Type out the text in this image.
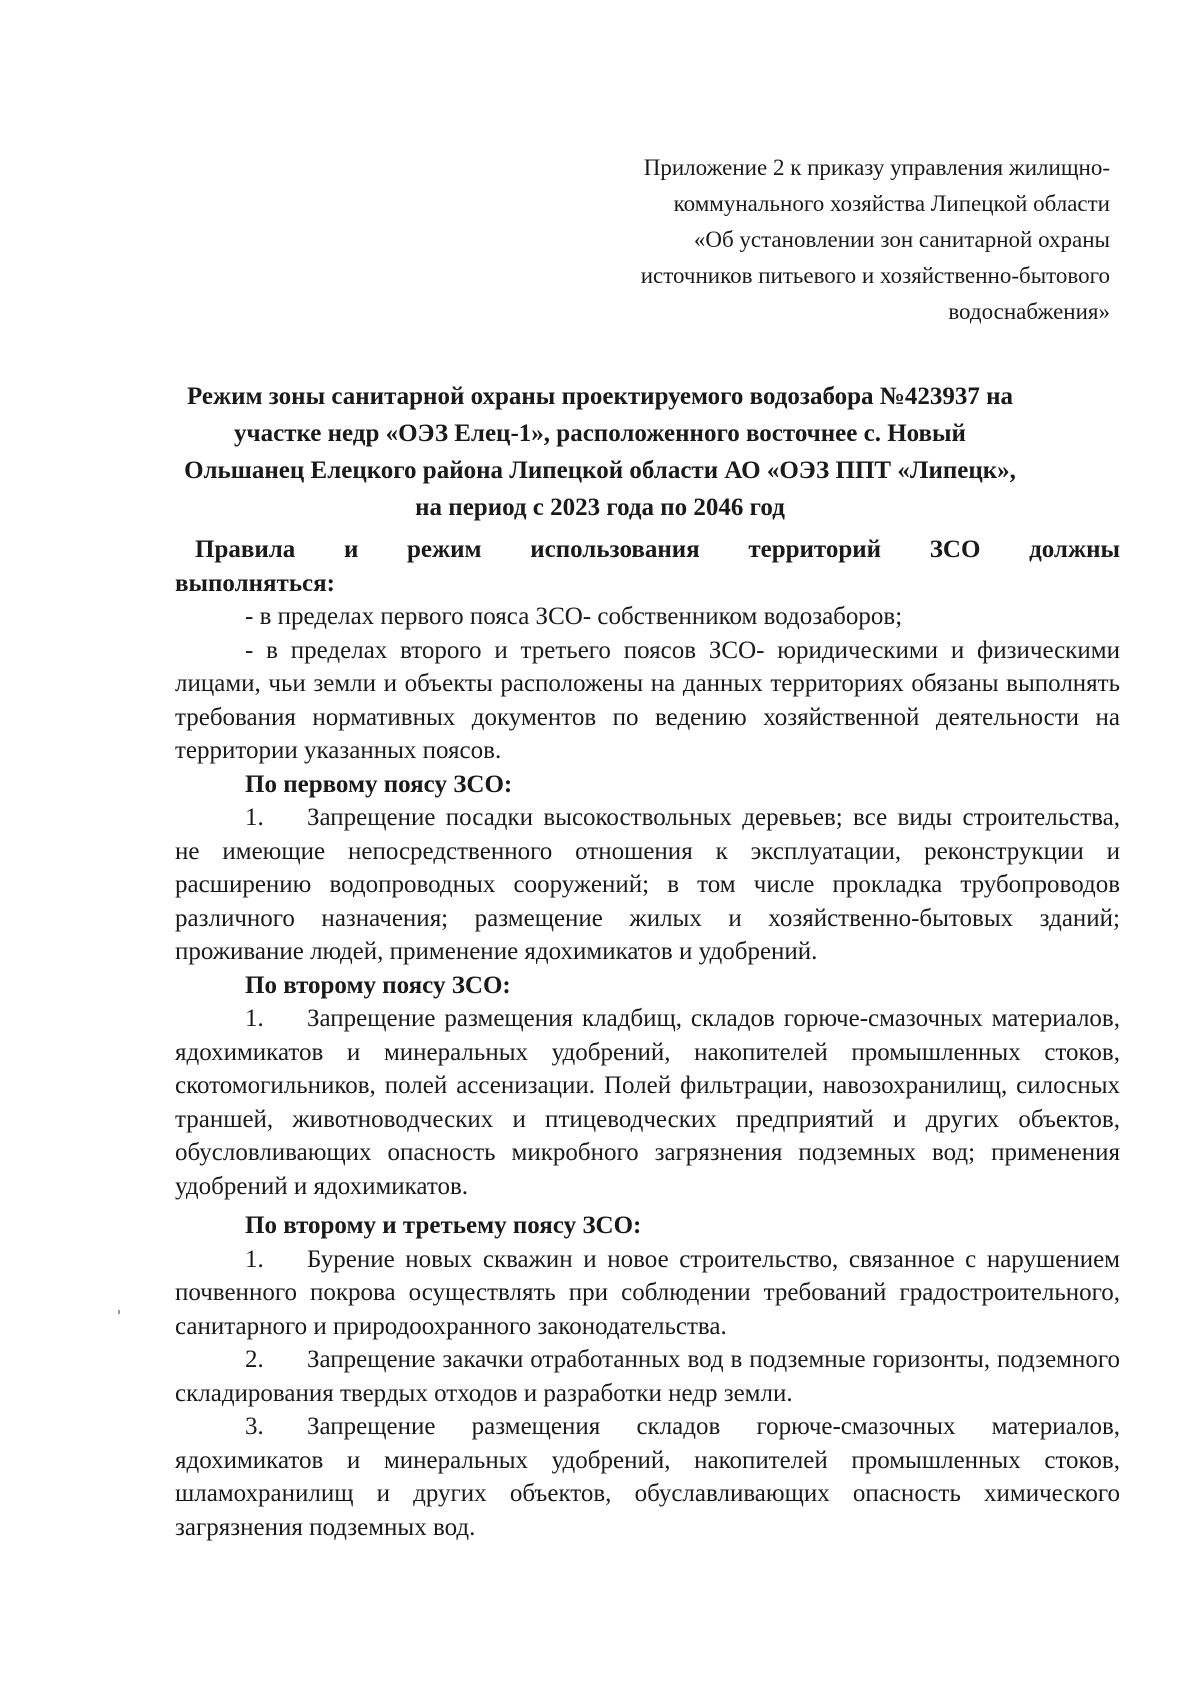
Приложение 2 к приказу управления жилищно-
коммунального хозяйства Липецкой области
«Об установлении зон санитарной охраны
источников питьевого и хозяйственно-бытового
водоснабжения»
Режим зоны санитарной охраны проектируемого водозабора №423937 на
участке недр «ОЭЗ Елец-1», расположенного восточнее с. Новый
Ольшанец Елецкого района Липецкой области АО «ОЭЗ ППТ «Липецк»,
на период с 2023 года по 2046 год

Правила и режим использования территорий ЗСО должны
выполняться:

- в пределах первого пояса ЗСО- собственником водозаборов;

- в пределах второго и третьего поясов ЗСО- юридическими и физическими лицами, чьи земли и объекты расположены на данных территориях обязаны выполнять требования нормативных документов по ведению хозяйственной деятельности на территории указанных поясов.

По первому поясу ЗСО:

1. Запрещение посадки высокоствольных деревьев; все виды строительства, не имеющие непосредственного отношения к эксплуатации, реконструкции и расширению водопроводных сооружений; в том числе прокладка трубопроводов различного назначения; размещение жилых и хозяйственно-бытовых зданий; проживание людей, применение ядохимикатов и удобрений.

По второму поясу ЗСО:

1. Запрещение размещения кладбищ, складов горюче-смазочных материалов, ядохимикатов и минеральных удобрений, накопителей промышленных стоков, скотомогильников, полей ассенизации. Полей фильтрации, навозохранилищ, силосных траншей, животноводческих и птицеводческих предприятий и других объектов, обусловливающих опасность микробного загрязнения подземных вод; применения удобрений и ядохимикатов.

По второму и третьему поясу ЗСО:

1. Бурение новых скважин и новое строительство, связанное с нарушением почвенного покрова осуществлять при соблюдении требований градостроительного, санитарного и природоохранного законодательства.

2. Запрещение закачки отработанных вод в подземные горизонты, подземного складирования твердых отходов и разработки недр земли.

3. Запрещение размещения складов горюче-смазочных материалов, ядохимикатов и минеральных удобрений, накопителей промышленных стоков, шламохранилищ и других объектов, обуславливающих опасность химического загрязнения подземных вод.
